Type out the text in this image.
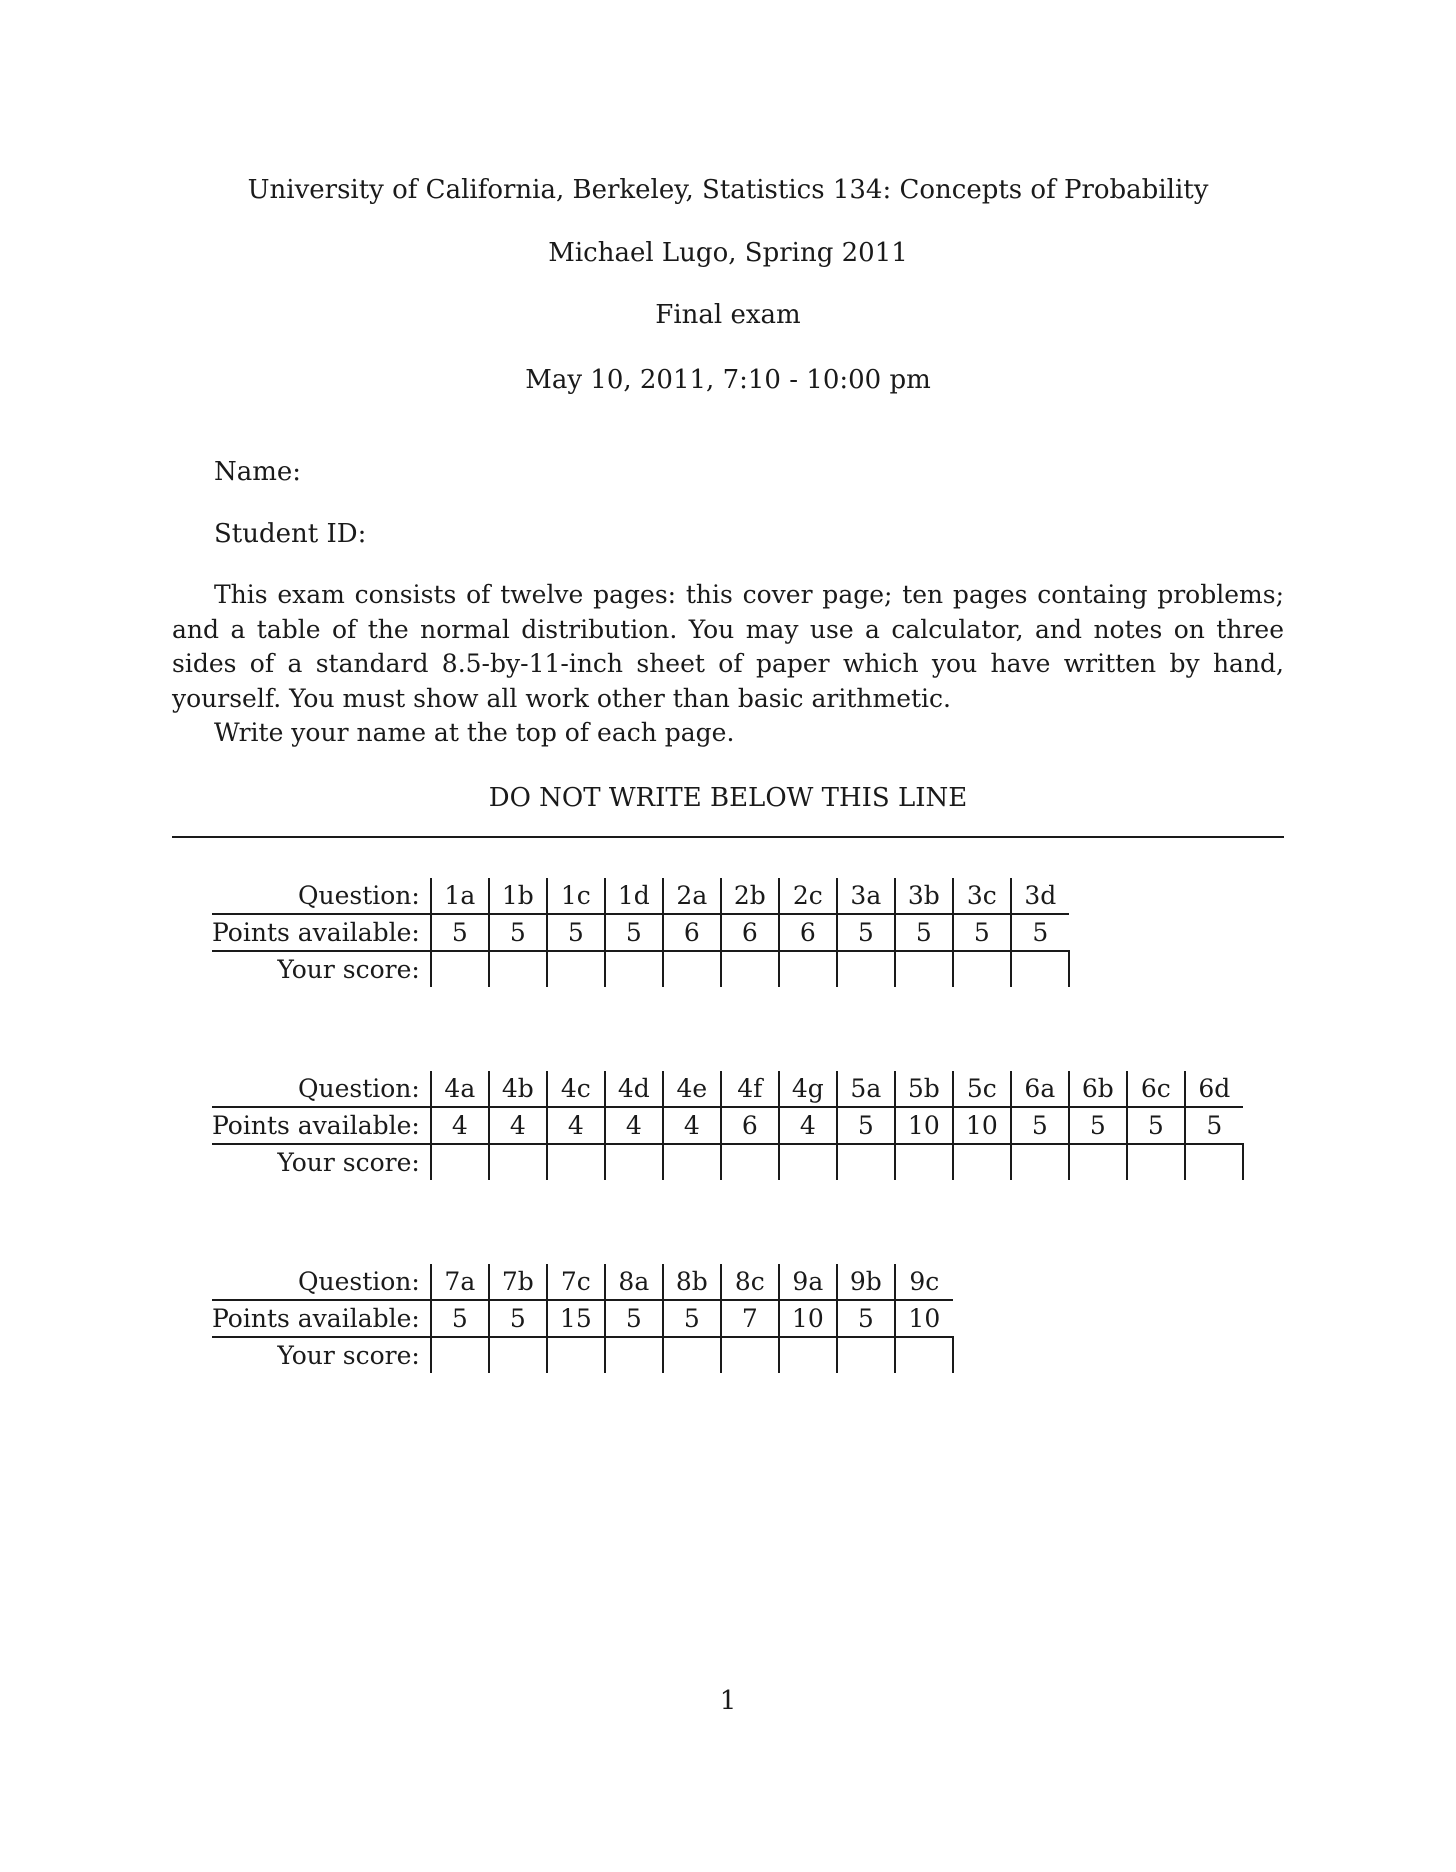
University of California, Berkeley, Statistics 134: Concepts of Probability
Michael Lugo, Spring 2011
Final exam
May 10, 2011, 7:10 - 10:00 pm
Name:
Student ID:

This exam consists of twelve pages: this cover page; ten pages containg problems; and a table of the normal distribution. You may use a calculator, and notes on three sides of a standard 8.5-by-11-inch sheet of paper which you have written by hand, yourself. You must show all work other than basic arithmetic.

Write your name at the top of each page.

DO NOT WRITE BELOW THIS LINE
Question:	1a	1b	1c	1d	2a	2b	2c	3a	3b	3c	3d
Points available:	5	5	5	5	6	6	6	5	5	5	5
Your score:											
Question:	4a	4b	4c	4d	4e	4f	4g	5a	5b	5c	6a	6b	6c	6d
Points available:	4	4	4	4	4	6	4	5	10	10	5	5	5	5
Your score:														
Question:	7a	7b	7c	8a	8b	8c	9a	9b	9c
Points available:	5	5	15	5	5	7	10	5	10
Your score:									
1
